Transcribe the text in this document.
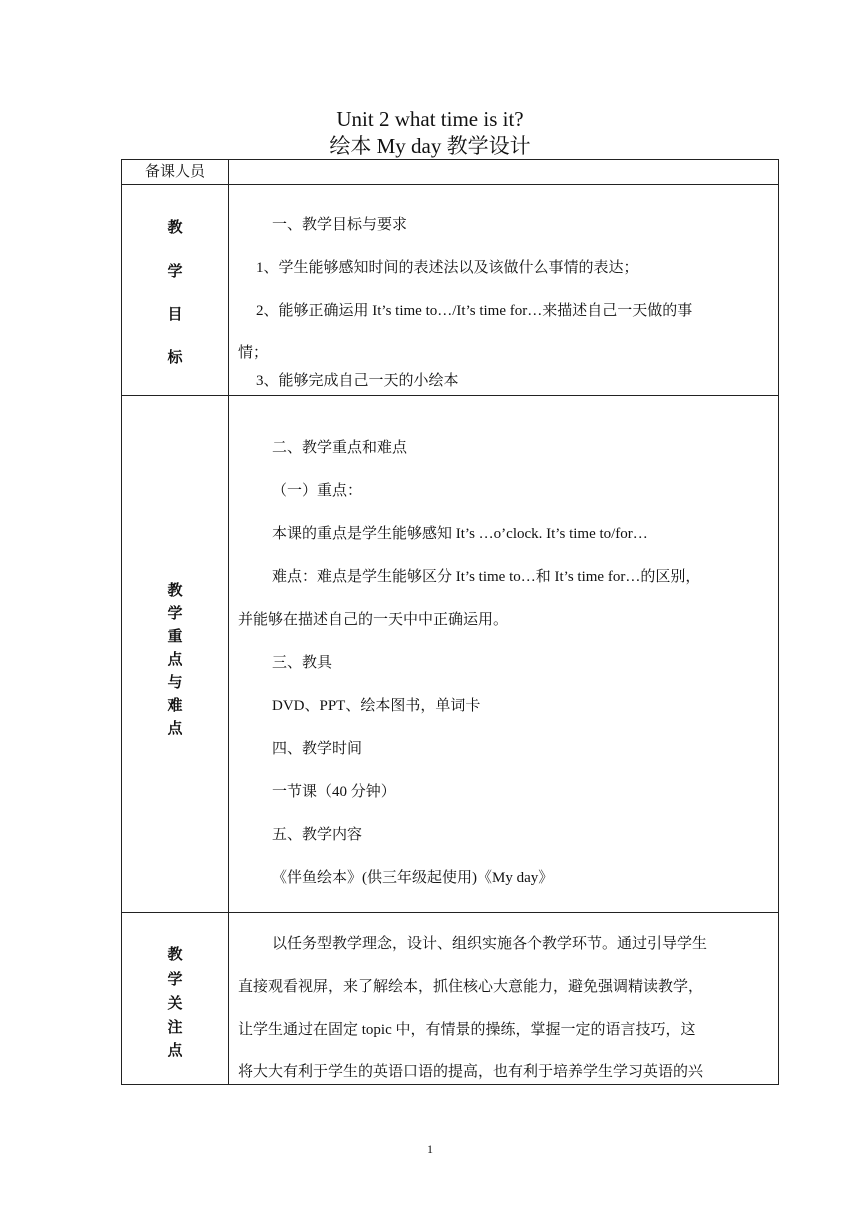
Unit 2 what time is it?
绘本 My day 教学设计
备课人员
教
学
目
标
一、教学目标与要求
1、学生能够感知时间的表述法以及该做什么事情的表达；
2、能够正确运用 It’s time to…/It’s time for…来描述自己一天做的事
情；
3、能够完成自己一天的小绘本
教
学
重
点
与
难
点
二、教学重点和难点
（一）重点：
本课的重点是学生能够感知 It’s …o’clock. It’s time to/for…
难点：难点是学生能够区分 It’s time to…和 It’s time for…的区别，
并能够在描述自己的一天中中正确运用。
三、教具
DVD、PPT、绘本图书，单词卡
四、教学时间
一节课（40 分钟）
五、教学内容
《伴鱼绘本》(供三年级起使用)《My day》
教
学
关
注
点
以任务型教学理念，设计、组织实施各个教学环节。通过引导学生
直接观看视屏，来了解绘本，抓住核心大意能力，避免强调精读教学，
让学生通过在固定 topic 中，有情景的操练，掌握一定的语言技巧，这
将大大有利于学生的英语口语的提高，也有利于培养学生学习英语的兴
1
